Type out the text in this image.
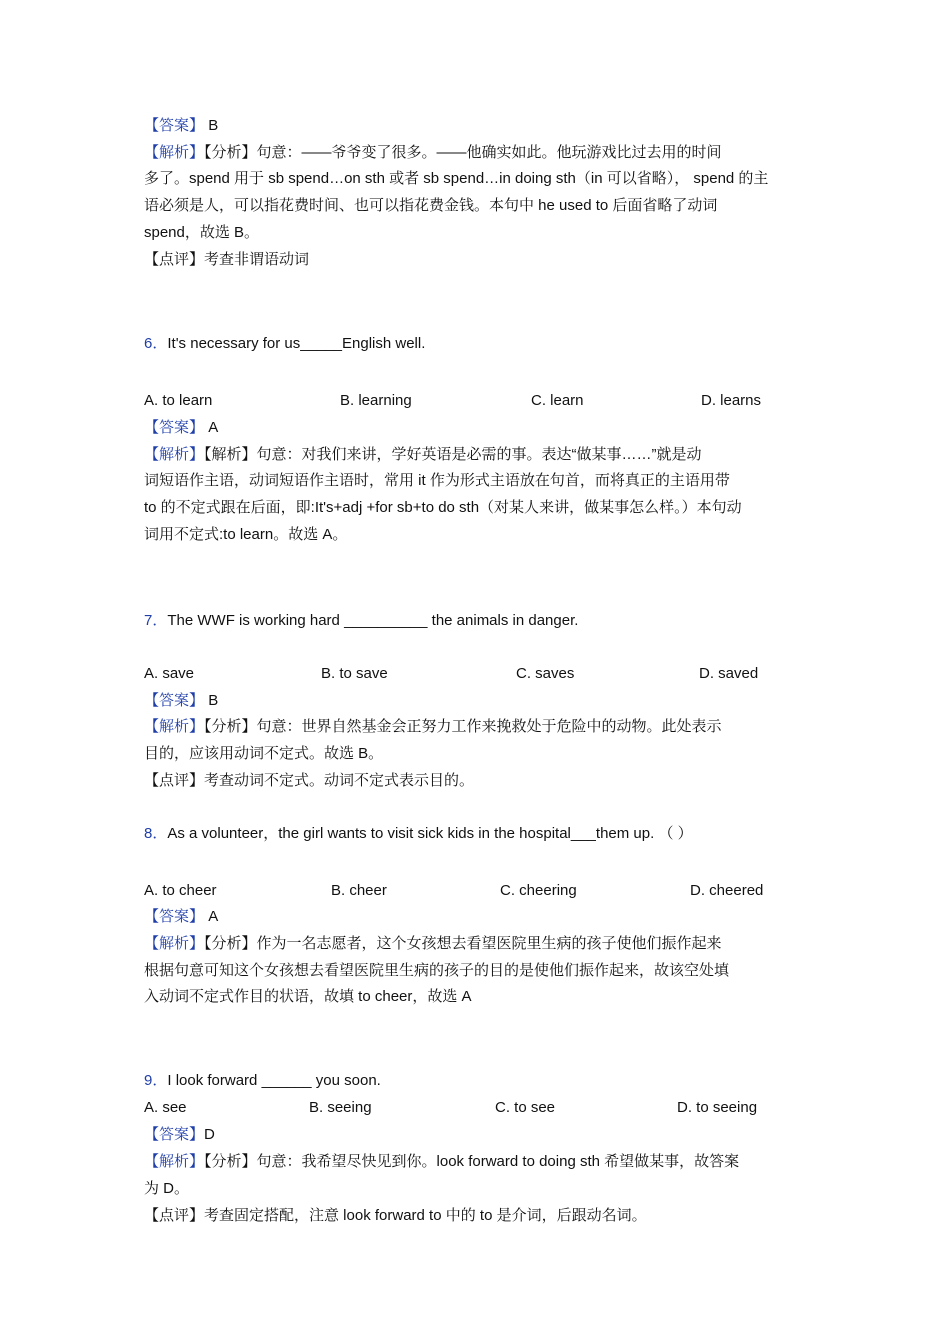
【答案】 B
【解析】【分析】句意：——爷爷变了很多。——他确实如此。他玩游戏比过去用的时间
多了。spend 用于 sb spend…on sth 或者 sb spend…in doing sth（in 可以省略）， spend 的主
语必须是人，可以指花费时间、也可以指花费金钱。本句中 he used to 后面省略了动词
spend，故选 B。
【点评】考查非谓语动词
6．It's necessary for us_____English well.
A. to learn	B. learning	C. learn	D. learns
【答案】 A
【解析】【解析】句意：对我们来讲，学好英语是必需的事。表达“做某事……”就是动
词短语作主语，动词短语作主语时，常用 it 作为形式主语放在句首，而将真正的主语用带
to 的不定式跟在后面，即:It's+adj +for sb+to do sth（对某人来讲，做某事怎么样。）本句动
词用不定式:to learn。故选 A。
7．The WWF is working hard __________ the animals in danger.
A. save	B. to save	C. saves	D. saved
【答案】 B
【解析】【分析】句意：世界自然基金会正努力工作来挽救处于危险中的动物。此处表示
目的，应该用动词不定式。故选 B。
【点评】考查动词不定式。动词不定式表示目的。
8．As a volunteer，the girl wants to visit sick kids in the hospital___them up. （ ）
A. to cheer	B. cheer	C. cheering	D. cheered
【答案】 A
【解析】【分析】作为一名志愿者，这个女孩想去看望医院里生病的孩子使他们振作起来
根据句意可知这个女孩想去看望医院里生病的孩子的目的是使他们振作起来，故该空处填
入动词不定式作目的状语，故填 to cheer，故选 A
9．I look forward ______ you soon.
A. see	B. seeing	C. to see	D. to seeing
【答案】D
【解析】【分析】句意：我希望尽快见到你。look forward to doing sth 希望做某事，故答案
为 D。
【点评】考查固定搭配，注意 look forward to 中的 to 是介词，后跟动名词。
